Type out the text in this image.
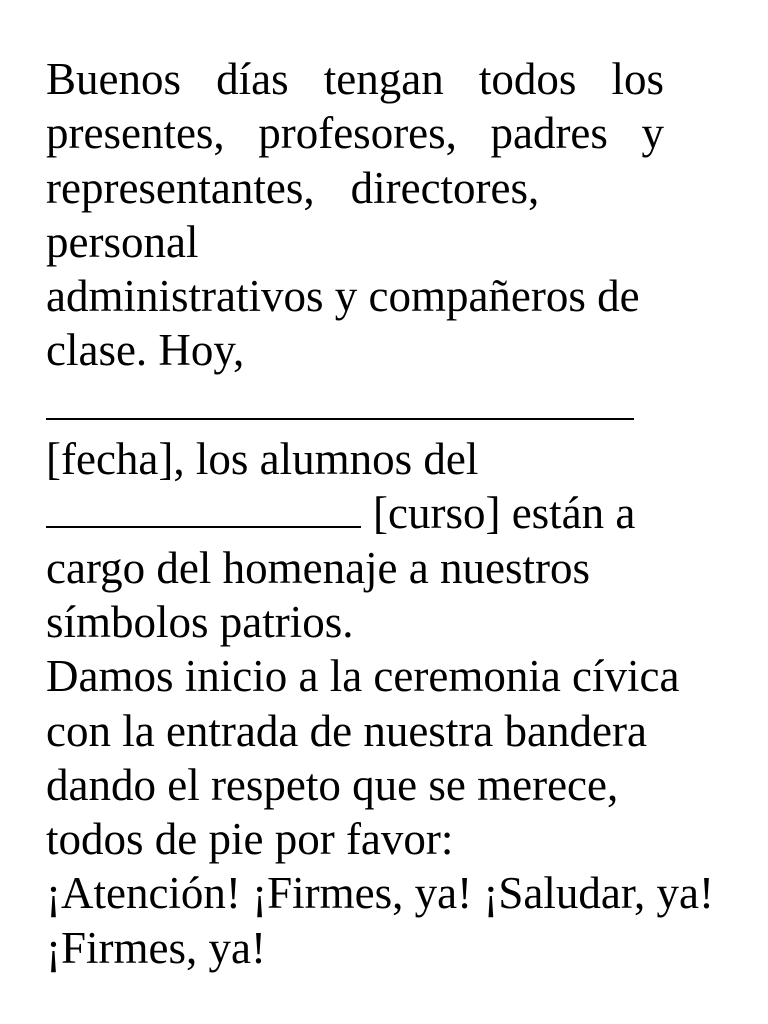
Buenos días tengan todos los
presentes, profesores, padres y
representantes, directores,
personal
administrativos y compañeros de
clase. Hoy,
[fecha], los alumnos del
[curso] están a
cargo del homenaje a nuestros
símbolos patrios.
Damos inicio a la ceremonia cívica
con la entrada de nuestra bandera
dando el respeto que se merece,
todos de pie por favor:
¡Atención! ¡Firmes, ya! ¡Saludar, ya!
¡Firmes, ya!
